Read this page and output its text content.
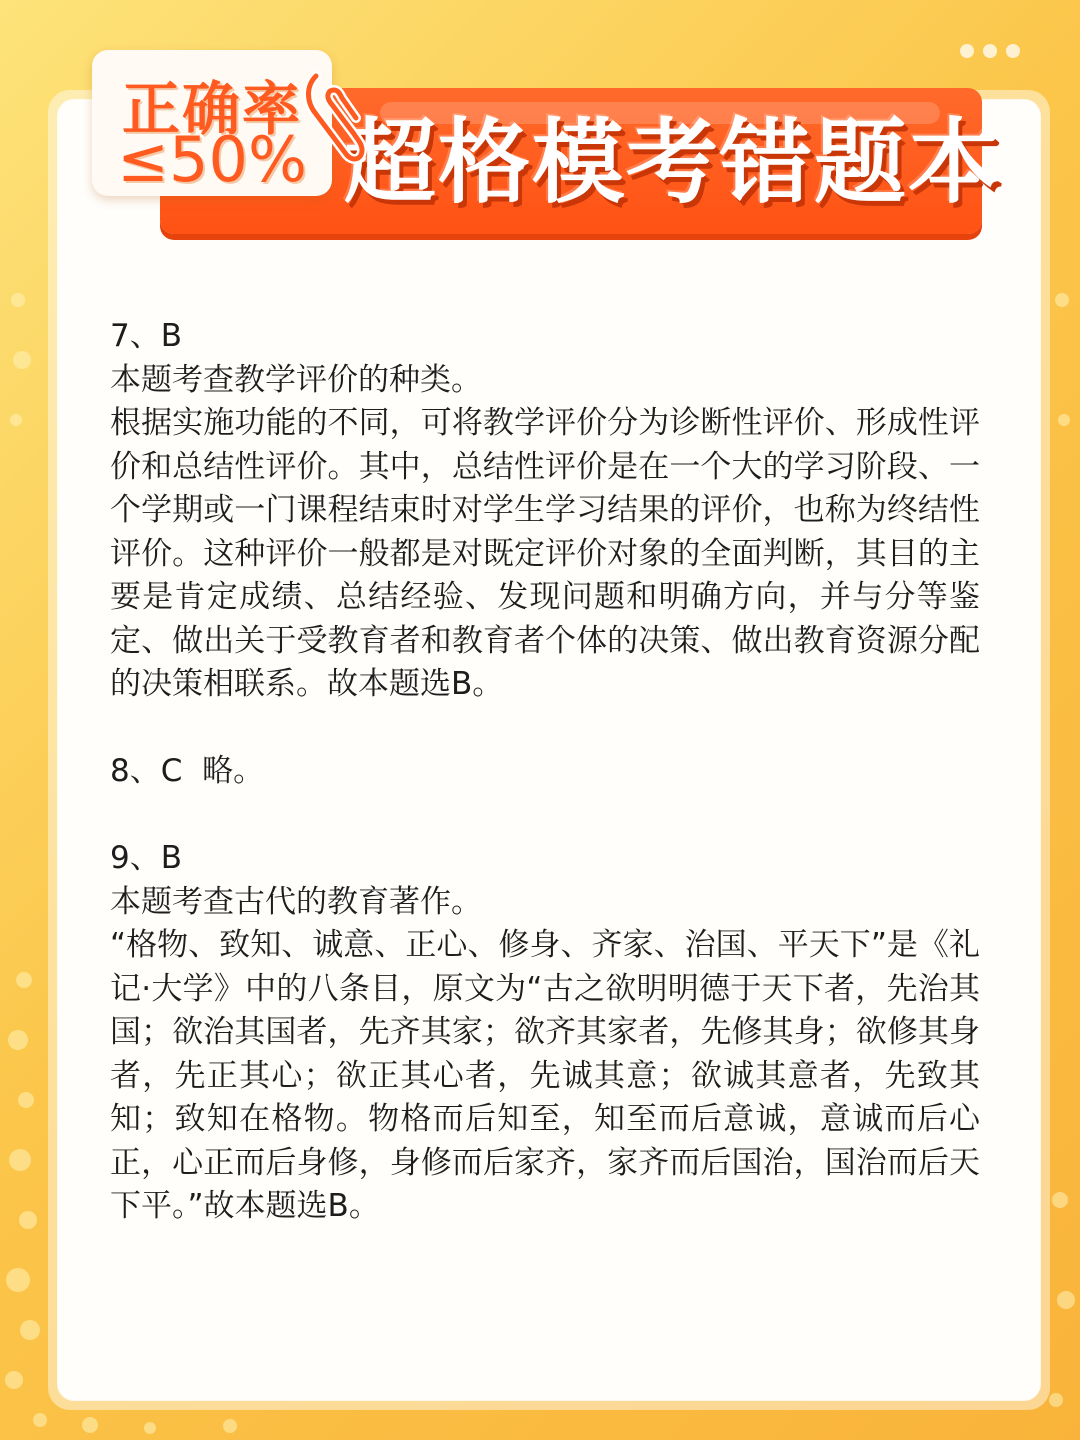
超格模考错题本
正确率
≤50%

7、B

本题考查教学评价的种类。

根据实施功能的不同，可将教学评价分为诊断性评价、形成性评价和总结性评价。其中，总结性评价是在一个大的学习阶段、一个学期或一门课程结束时对学生学习结果的评价，也称为终结性评价。这种评价一般都是对既定评价对象的全面判断，其目的主要是肯定成绩、总结经验、发现问题和明确方向，并与分等鉴定、做出关于受教育者和教育者个体的决策、做出教育资源分配的决策相联系。故本题选B。

8、C  略。

9、B

本题考查古代的教育著作。

“格物、致知、诚意、正心、修身、齐家、治国、平天下”是《礼记·大学》中的八条目，原文为“古之欲明明德于天下者，先治其国；欲治其国者，先齐其家；欲齐其家者，先修其身；欲修其身者，先正其心；欲正其心者，先诚其意；欲诚其意者，先致其知；致知在格物。物格而后知至，知至而后意诚，意诚而后心正，心正而后身修，身修而后家齐，家齐而后国治，国治而后天下平。”故本题选B。
